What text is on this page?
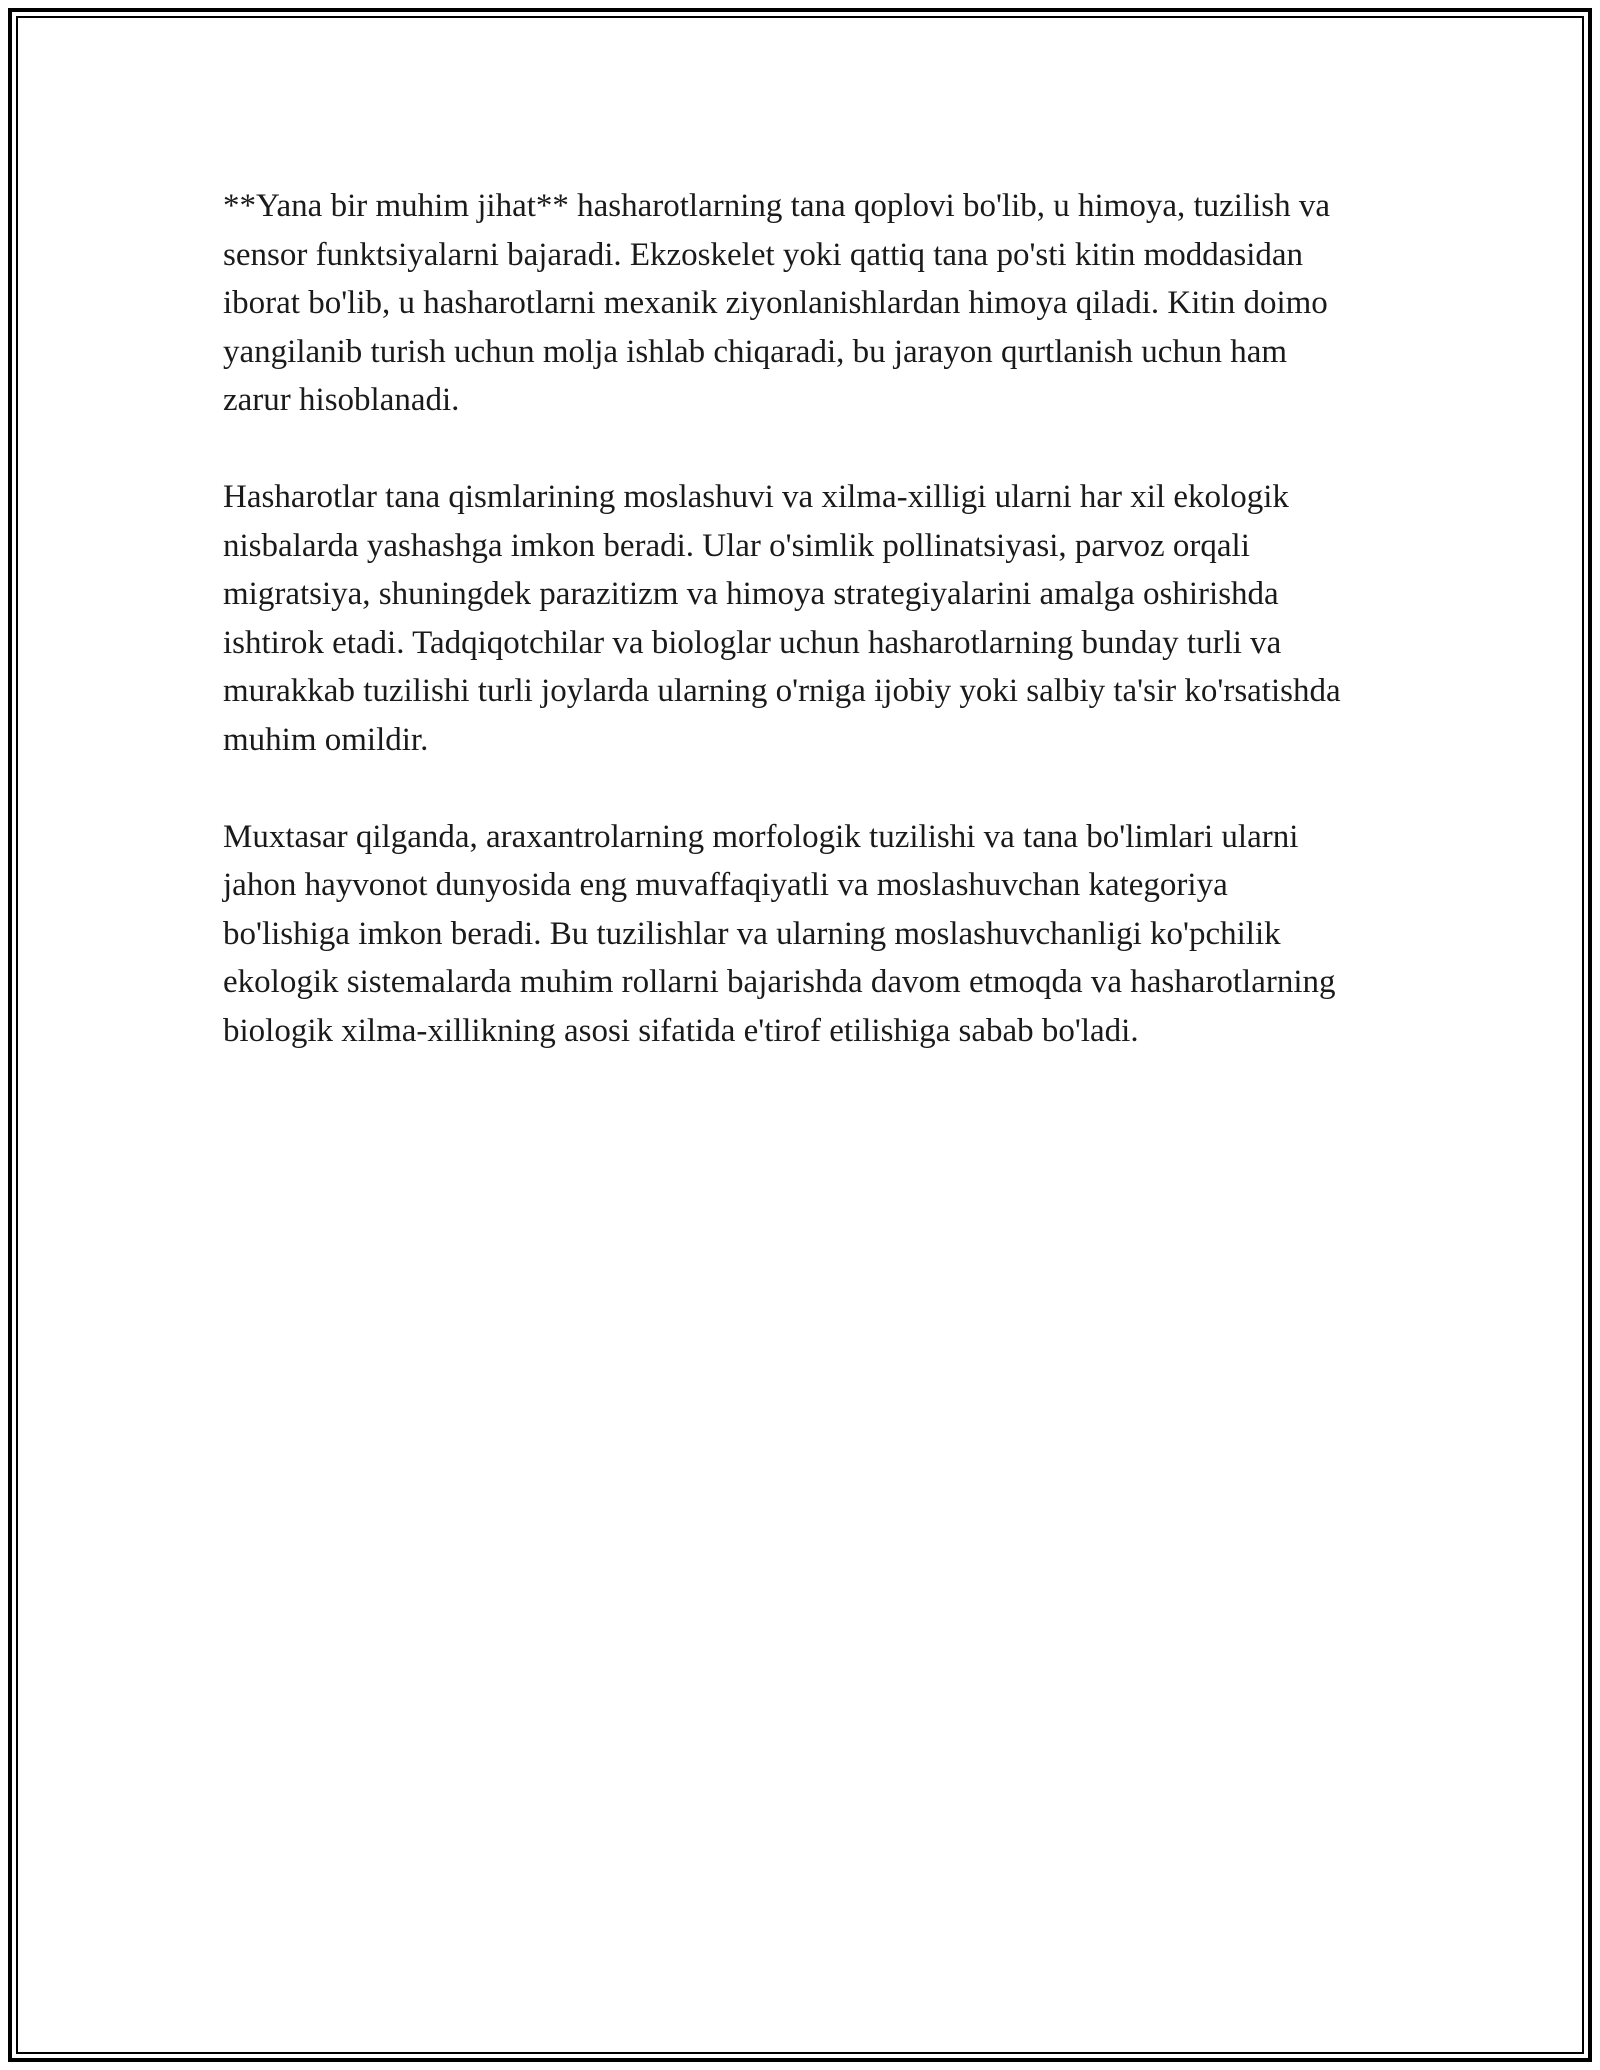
**Yana bir muhim jihat** hasharotlarning tana qoplovi bo'lib, u himoya, tuzilish va sensor funktsiyalarni bajaradi. Ekzoskelet yoki qattiq tana po'sti kitin moddasidan iborat bo'lib, u hasharotlarni mexanik ziyonlanishlardan himoya qiladi. Kitin doimo yangilanib turish uchun molja ishlab chiqaradi, bu jarayon qurtlanish uchun ham zarur hisoblanadi.

Hasharotlar tana qismlarining moslashuvi va xilma-xilligi ularni har xil ekologik nisbalarda yashashga imkon beradi. Ular o'simlik pollinatsiyasi, parvoz orqali migratsiya, shuningdek parazitizm va himoya strategiyalarini amalga oshirishda ishtirok etadi. Tadqiqotchilar va biologlar uchun hasharotlarning bunday turli va murakkab tuzilishi turli joylarda ularning o'rniga ijobiy yoki salbiy ta'sir ko'rsatishda muhim omildir.

Muxtasar qilganda, araxantrolarning morfologik tuzilishi va tana bo'limlari ularni jahon hayvonot dunyosida eng muvaffaqiyatli va moslashuvchan kategoriya bo'lishiga imkon beradi. Bu tuzilishlar va ularning moslashuvchanligi ko'pchilik ekologik sistemalarda muhim rollarni bajarishda davom etmoqda va hasharotlarning biologik xilma-xillikning asosi sifatida e'tirof etilishiga sabab bo'ladi.
